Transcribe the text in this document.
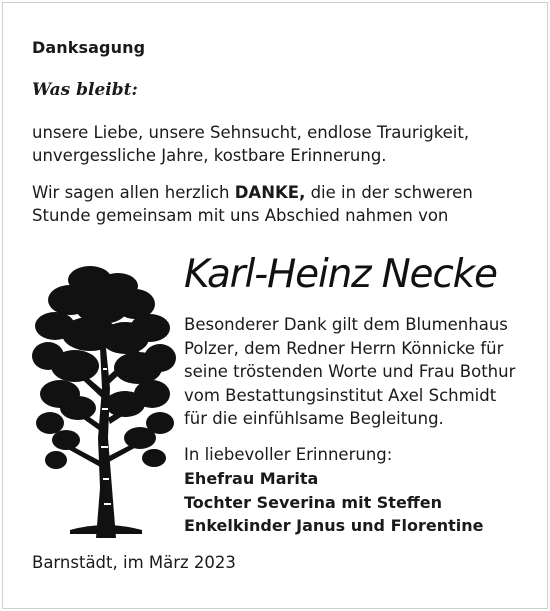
Danksagung
Was bleibt:
unsere Liebe, unsere Sehnsucht, endlose Traurigkeit,
unvergessliche Jahre, kostbare Erinnerung.
Wir sagen allen herzlich DANKE, die in der schweren
Stunde gemeinsam mit uns Abschied nahmen von
Karl-Heinz Necke
Besonderer Dank gilt dem Blumenhaus
Polzer, dem Redner Herrn Könnicke für
seine tröstenden Worte und Frau Bothur
vom Bestattungsinstitut Axel Schmidt
für die einfühlsame Begleitung.
In liebevoller Erinnerung:
Ehefrau Marita
Tochter Severina mit Steffen
Enkelkinder Janus und Florentine
Barnstädt, im März 2023
